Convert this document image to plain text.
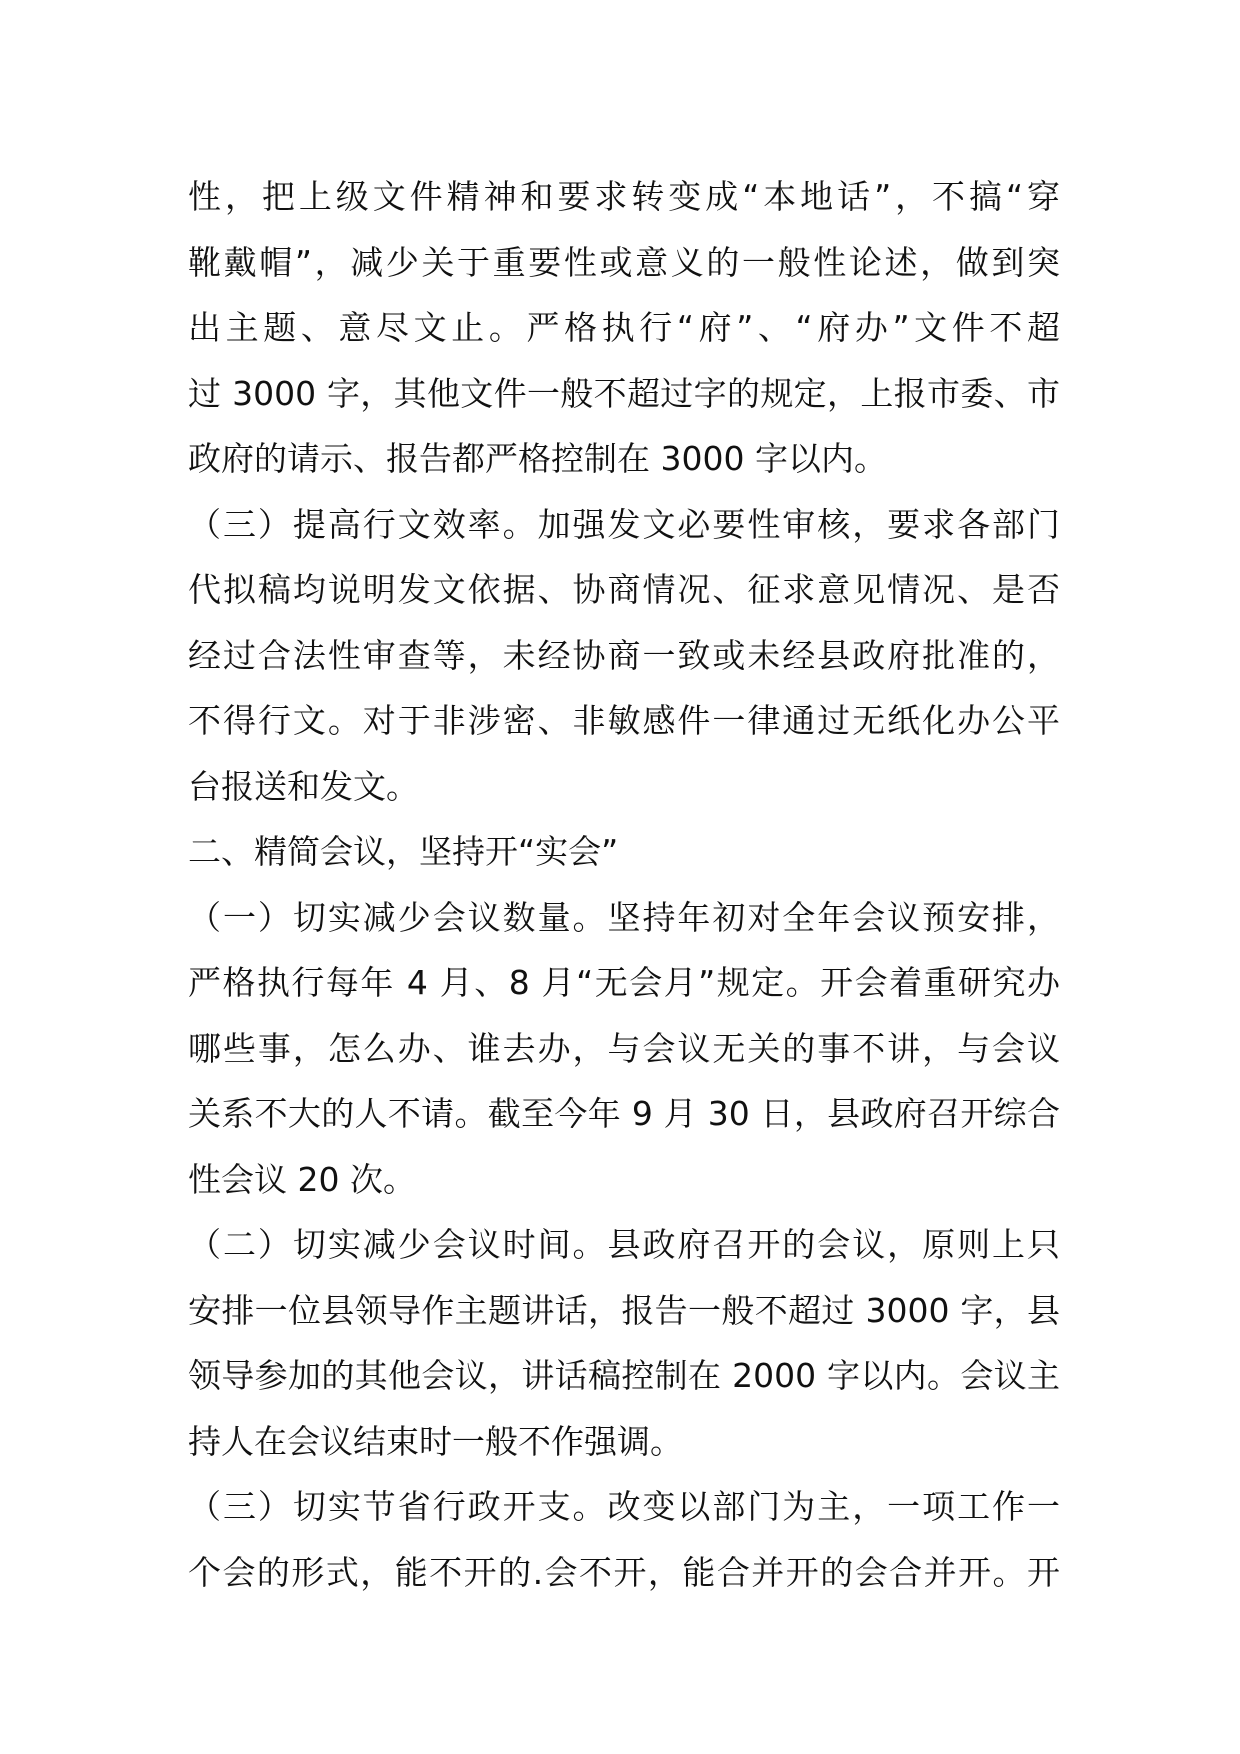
性，把上级文件精神和要求转变成“本地话”，不搞“穿
靴戴帽”，减少关于重要性或意义的一般性论述，做到突
出主题、意尽文止。严格执行“府”、“府办”文件不超
过 3000 字，其他文件一般不超过字的规定，上报市委、市
政府的请示、报告都严格控制在 3000 字以内。
（三）提高行文效率。加强发文必要性审核，要求各部门
代拟稿均说明发文依据、协商情况、征求意见情况、是否
经过合法性审查等，未经协商一致或未经县政府批准的，
不得行文。对于非涉密、非敏感件一律通过无纸化办公平
台报送和发文。
二、精简会议，坚持开“实会”
（一）切实减少会议数量。坚持年初对全年会议预安排，
严格执行每年 4 月、8 月“无会月”规定。开会着重研究办
哪些事，怎么办、谁去办，与会议无关的事不讲，与会议
关系不大的人不请。截至今年 9 月 30 日，县政府召开综合
性会议 20 次。
（二）切实减少会议时间。县政府召开的会议，原则上只
安排一位县领导作主题讲话，报告一般不超过 3000 字，县
领导参加的其他会议，讲话稿控制在 2000 字以内。会议主
持人在会议结束时一般不作强调。
（三）切实节省行政开支。改变以部门为主，一项工作一
个会的形式，能不开的.会不开，能合并开的会合并开。开
